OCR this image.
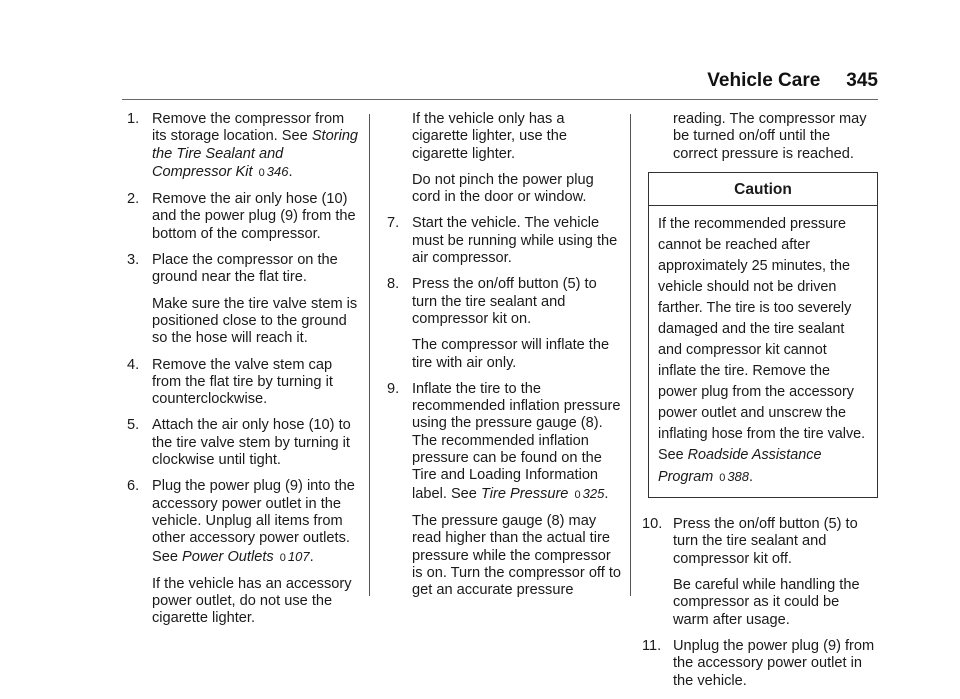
Vehicle Care 345
1. Remove the compressor from its storage location. See Storing the Tire Sealant and Compressor Kit 0 346.
2. Remove the air only hose (10) and the power plug (9) from the bottom of the compressor.
3. Place the compressor on the ground near the flat tire.
Make sure the tire valve stem is positioned close to the ground so the hose will reach it.
4. Remove the valve stem cap from the flat tire by turning it counterclockwise.
5. Attach the air only hose (10) to the tire valve stem by turning it clockwise until tight.
6. Plug the power plug (9) into the accessory power outlet in the vehicle. Unplug all items from other accessory power outlets. See Power Outlets 0 107.
If the vehicle has an accessory power outlet, do not use the cigarette lighter.
If the vehicle only has a cigarette lighter, use the cigarette lighter.
Do not pinch the power plug cord in the door or window.
7. Start the vehicle. The vehicle must be running while using the air compressor.
8. Press the on/off button (5) to turn the tire sealant and compressor kit on.
The compressor will inflate the tire with air only.
9. Inflate the tire to the recommended inflation pressure using the pressure gauge (8). The recommended inflation pressure can be found on the Tire and Loading Information label. See Tire Pressure 0 325.
The pressure gauge (8) may read higher than the actual tire pressure while the compressor is on. Turn the compressor off to get an accurate pressure
reading. The compressor may be turned on/off until the correct pressure is reached.
Caution
If the recommended pressure cannot be reached after approximately 25 minutes, the vehicle should not be driven farther. The tire is too severely damaged and the tire sealant and compressor kit cannot inflate the tire. Remove the power plug from the accessory power outlet and unscrew the inflating hose from the tire valve. See Roadside Assistance Program 0 388.
10. Press the on/off button (5) to turn the tire sealant and compressor kit off.
Be careful while handling the compressor as it could be warm after usage.
11. Unplug the power plug (9) from the accessory power outlet in the vehicle.
